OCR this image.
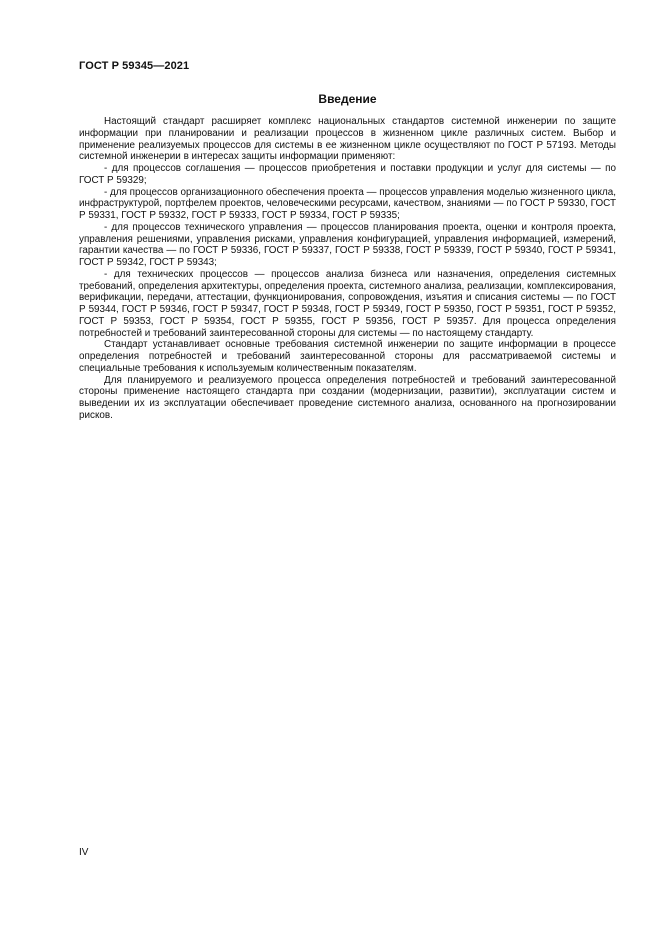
ГОСТ Р 59345—2021
Введение

Настоящий стандарт расширяет комплекс национальных стандартов системной инженерии по защите информации при планировании и реализации процессов в жизненном цикле различных систем. Выбор и применение реализуемых процессов для системы в ее жизненном цикле осуществляют по ГОСТ Р 57193. Методы системной инженерии в интересах защиты информации применяют:

- для процессов соглашения — процессов приобретения и поставки продукции и услуг для системы — по ГОСТ Р 59329;

- для процессов организационного обеспечения проекта — процессов управления моделью жизненного цикла, инфраструктурой, портфелем проектов, человеческими ресурсами, качеством, знаниями — по ГОСТ Р 59330, ГОСТ Р 59331, ГОСТ Р 59332, ГОСТ Р 59333, ГОСТ Р 59334, ГОСТ Р 59335;

- для процессов технического управления — процессов планирования проекта, оценки и контроля проекта, управления решениями, управления рисками, управления конфигурацией, управления информацией, измерений, гарантии качества — по ГОСТ Р 59336, ГОСТ Р 59337, ГОСТ Р 59338, ГОСТ Р 59339, ГОСТ Р 59340, ГОСТ Р 59341, ГОСТ Р 59342, ГОСТ Р 59343;

- для технических процессов — процессов анализа бизнеса или назначения, определения системных требований, определения архитектуры, определения проекта, системного анализа, реализации, комплексирования, верификации, передачи, аттестации, функционирования, сопровождения, изъятия и списания системы — по ГОСТ Р 59344, ГОСТ Р 59346, ГОСТ Р 59347, ГОСТ Р 59348, ГОСТ Р 59349, ГОСТ Р 59350, ГОСТ Р 59351, ГОСТ Р 59352, ГОСТ Р 59353, ГОСТ Р 59354, ГОСТ Р 59355, ГОСТ Р 59356, ГОСТ Р 59357. Для процесса определения потребностей и требований заинтересованной стороны для системы — по настоящему стандарту.

Стандарт устанавливает основные требования системной инженерии по защите информации в процессе определения потребностей и требований заинтересованной стороны для рассматриваемой системы и специальные требования к используемым количественным показателям.

Для планируемого и реализуемого процесса определения потребностей и требований заинтересованной стороны применение настоящего стандарта при создании (модернизации, развитии), эксплуатации систем и выведении их из эксплуатации обеспечивает проведение системного анализа, основанного на прогнозировании рисков.

IV
